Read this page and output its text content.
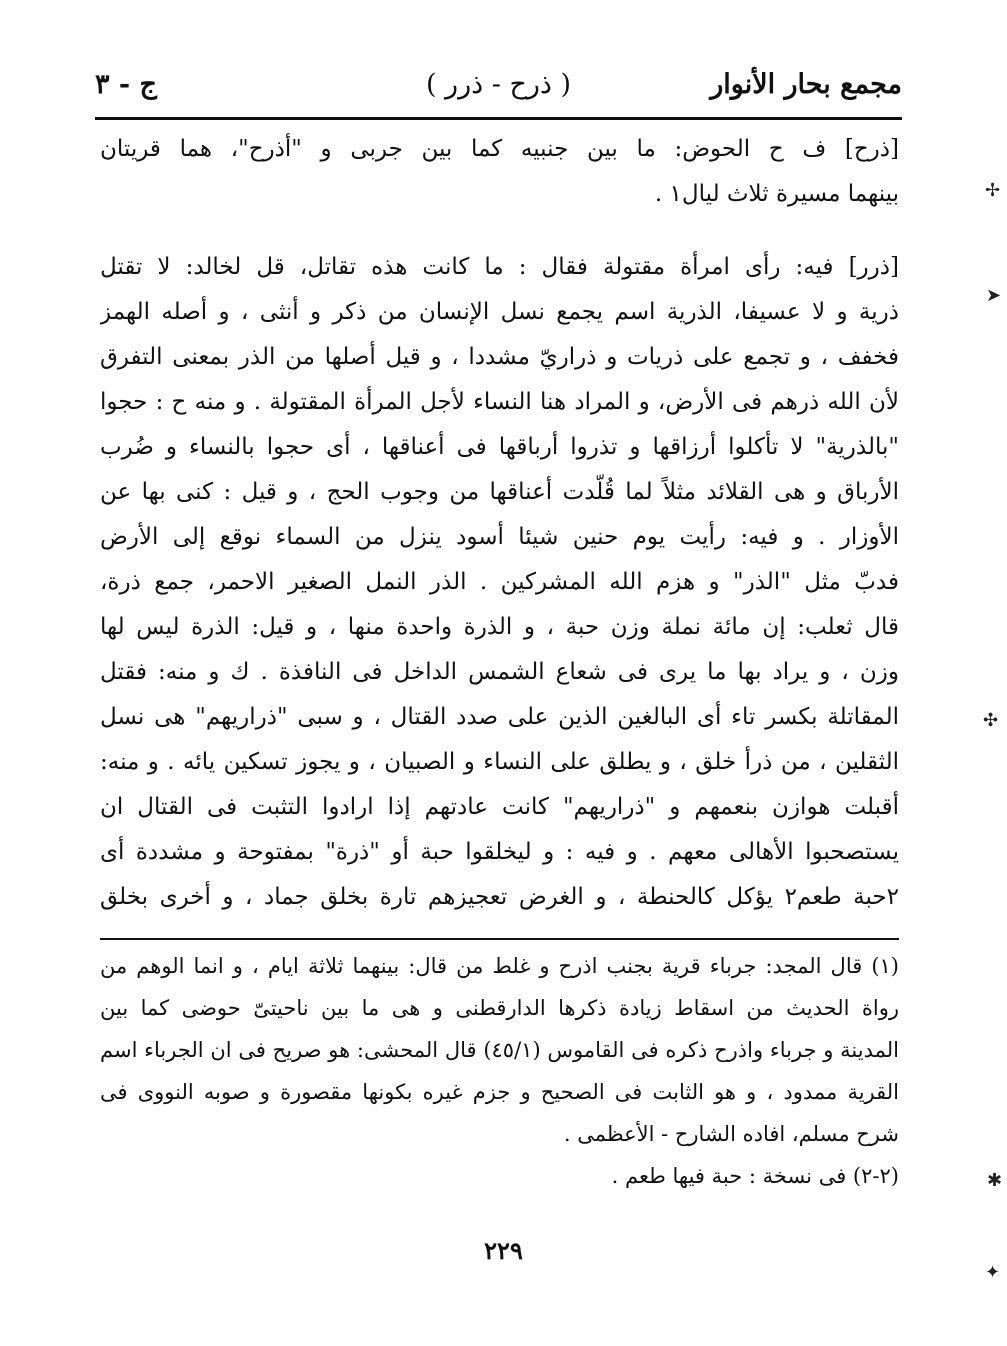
مجمع بحار الأنوار
( ذرح - ذرر )
ج - ٣
[ذرح] ف ح الحوض: ما بين جنبيه كما بين جربى و "أذرح"، هما قريتان
بينهما مسيرة ثلاث ليال١ .
[ذرر] فيه: رأى امرأة مقتولة فقال : ما كانت هذه تقاتل، قل لخالد: لا تقتل
ذرية و لا عسيفا، الذرية اسم يجمع نسل الإنسان من ذكر و أنثى ، و أصله الهمز
فخفف ، و تجمع على ذريات و ذراريّ مشددا ، و قيل أصلها من الذر بمعنى التفرق
لأن الله ذرهم فى الأرض، و المراد هنا النساء لأجل المرأة المقتولة . و منه ح : حجوا
"بالذرية" لا تأكلوا أرزاقها و تذروا أرباقها فى أعناقها ، أى حجوا بالنساء و ضُرب
الأرباق و هى القلائد مثلاً لما قُلّدت أعناقها من وجوب الحج ، و قيل : كنى بها عن
الأوزار . و فيه: رأيت يوم حنين شيئا أسود ينزل من السماء نوقع إلى الأرض
فدبّ مثل "الذر" و هزم الله المشركين . الذر النمل الصغير الاحمر، جمع ذرة،
قال ثعلب: إن مائة نملة وزن حبة ، و الذرة واحدة منها ، و قيل: الذرة ليس لها
وزن ، و يراد بها ما يرى فى شعاع الشمس الداخل فى النافذة . ك و منه: فقتل
المقاتلة بكسر تاء أى البالغين الذين على صدد القتال ، و سبى "ذراريهم" هى نسل
الثقلين ، من ذرأ خلق ، و يطلق على النساء و الصبيان ، و يجوز تسكين يائه . و منه:
أقبلت هوازن بنعمهم و "ذراريهم" كانت عادتهم إذا ارادوا التثبت فى القتال ان
يستصحبوا الأهالى معهم . و فيه : و ليخلقوا حبة أو "ذرة" بمفتوحة و مشددة أى
٢حبة طعم٢ يؤكل كالحنطة ، و الغرض تعجيزهم تارة بخلق جماد ، و أخرى بخلق
(١) قال المجد: جرباء قرية بجنب اذرح و غلط من قال: بينهما ثلاثة ايام ، و انما الوهم من
رواة الحديث من اسقاط زيادة ذكرها الدارقطنى و هى ما بين ناحيتىّ حوضى كما بين
المدينة و جرباء واذرح ذكره فى القاموس (٤٥/١) قال المحشى: هو صريح فى ان الجرباء اسم
القرية ممدود ، و هو الثابت فى الصحيح و جزم غيره بكونها مقصورة و صوبه النووى فى
شرح مسلم، افاده الشارح - الأعظمى .
(٢-٢) فى نسخة : حبة فيها طعم .
٢٢٩
✢
➤
✣
✱
✦
